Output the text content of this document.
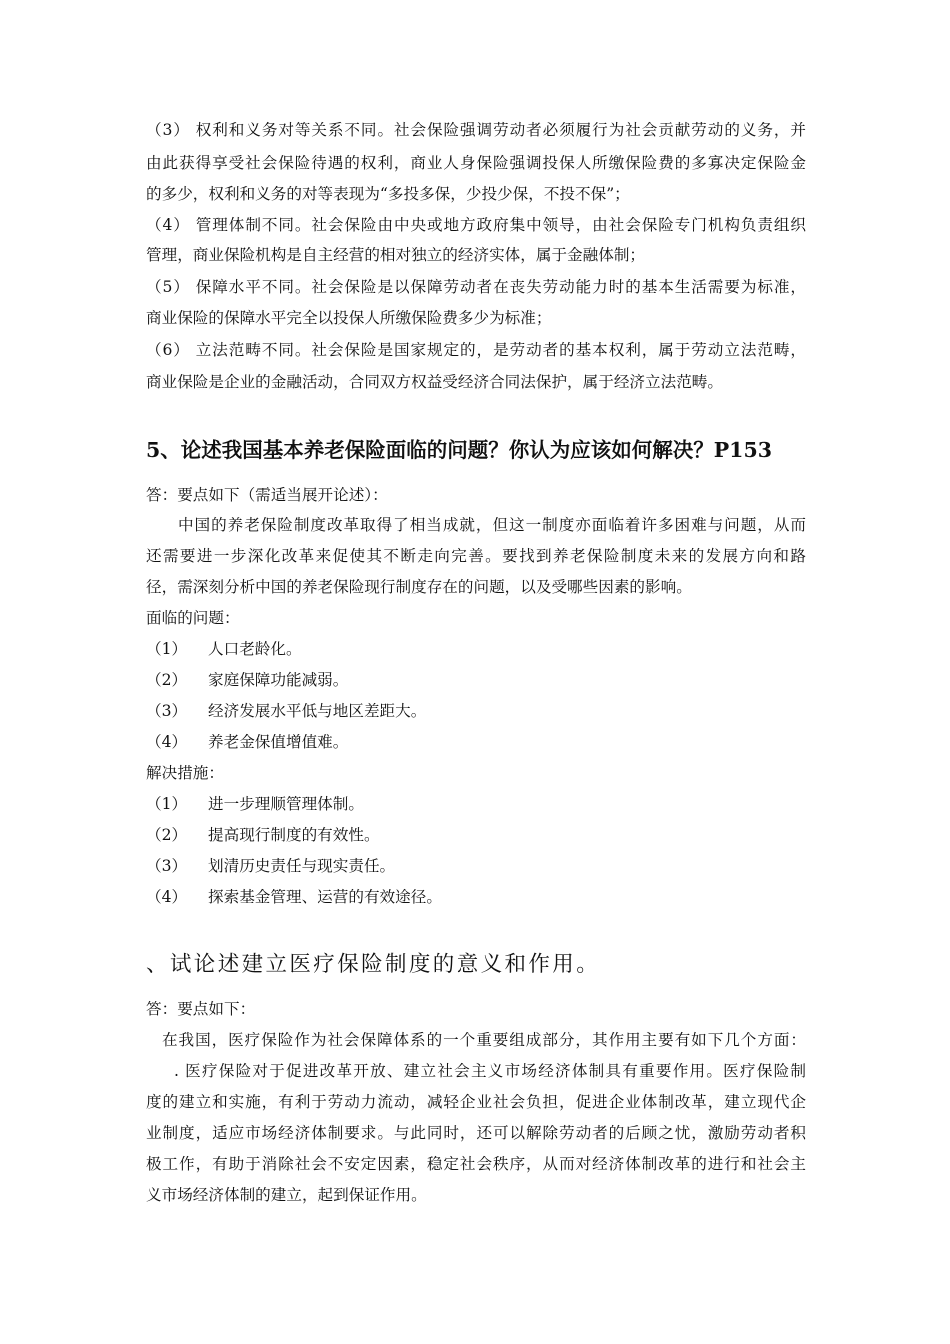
（3） 权利和义务对等关系不同。社会保险强调劳动者必须履行为社会贡献劳动的义务，并
由此获得享受社会保险待遇的权利，商业人身保险强调投保人所缴保险费的多寡决定保险金
的多少，权利和义务的对等表现为“多投多保，少投少保，不投不保”；
（4） 管理体制不同。社会保险由中央或地方政府集中领导，由社会保险专门机构负责组织
管理，商业保险机构是自主经营的相对独立的经济实体，属于金融体制；
（5） 保障水平不同。社会保险是以保障劳动者在丧失劳动能力时的基本生活需要为标准，
商业保险的保障水平完全以投保人所缴保险费多少为标准；
（6） 立法范畴不同。社会保险是国家规定的，是劳动者的基本权利，属于劳动立法范畴，
商业保险是企业的金融活动，合同双方权益受经济合同法保护，属于经济立法范畴。
5、论述我国基本养老保险面临的问题？你认为应该如何解决？P153
答：要点如下（需适当展开论述）：
中国的养老保险制度改革取得了相当成就，但这一制度亦面临着许多困难与问题，从而
还需要进一步深化改革来促使其不断走向完善。要找到养老保险制度未来的发展方向和路
径，需深刻分析中国的养老保险现行制度存在的问题，以及受哪些因素的影响。
面临的问题：
（1） 人口老龄化。
（2） 家庭保障功能减弱。
（3） 经济发展水平低与地区差距大。
（4） 养老金保值增值难。
解决措施：
（1） 进一步理顺管理体制。
（2） 提高现行制度的有效性。
（3） 划清历史责任与现实责任。
（4） 探索基金管理、运营的有效途径。
、试论述建立医疗保险制度的意义和作用。
答：要点如下：
在我国，医疗保险作为社会保障体系的一个重要组成部分，其作用主要有如下几个方面：
. 医疗保险对于促进改革开放、建立社会主义市场经济体制具有重要作用。医疗保险制
度的建立和实施，有利于劳动力流动，减轻企业社会负担，促进企业体制改革，建立现代企
业制度，适应市场经济体制要求。与此同时，还可以解除劳动者的后顾之忧，激励劳动者积
极工作，有助于消除社会不安定因素，稳定社会秩序，从而对经济体制改革的进行和社会主
义市场经济体制的建立，起到保证作用。
